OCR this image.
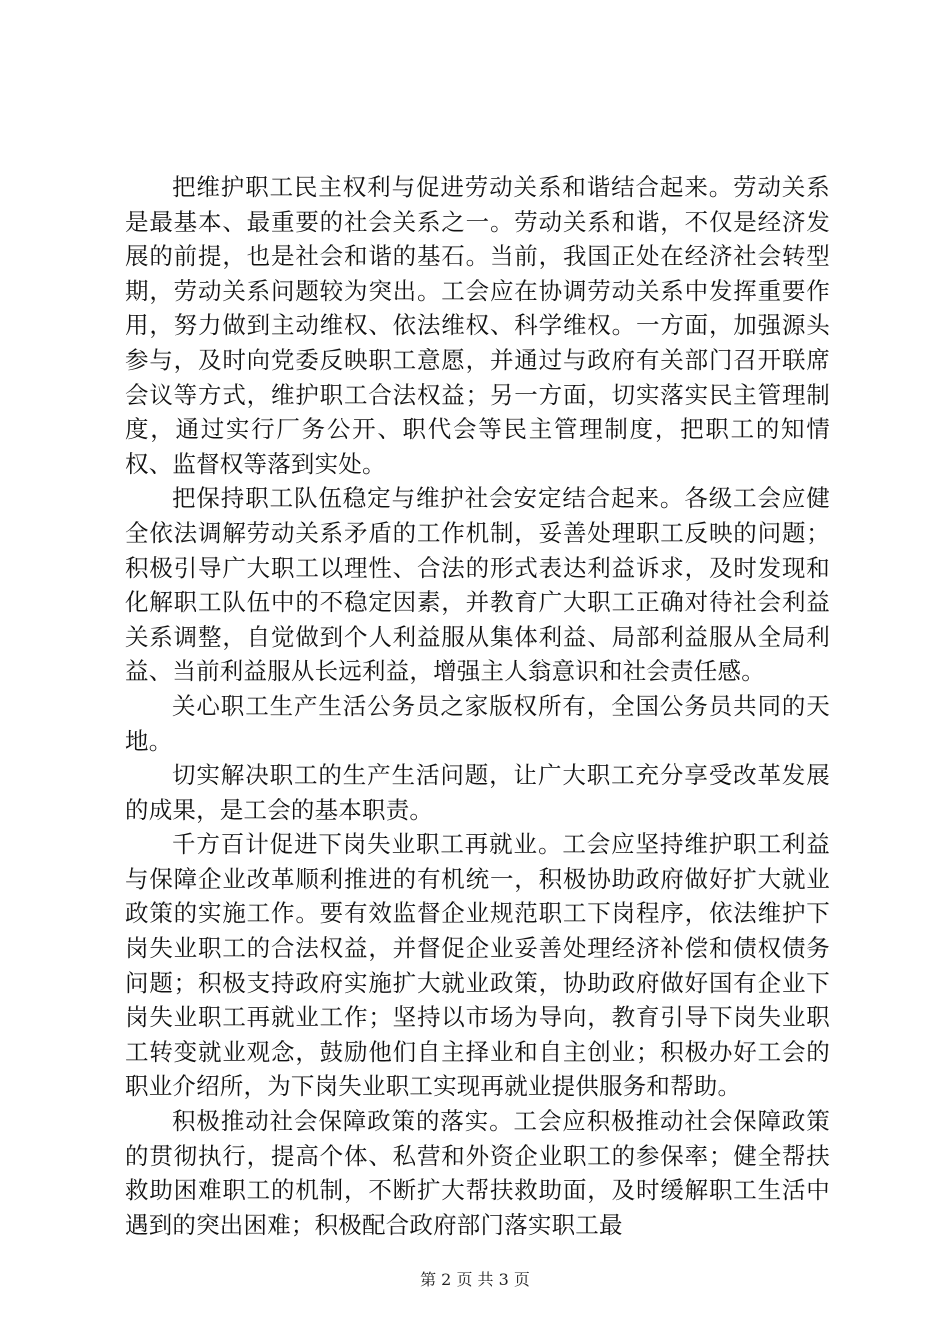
把维护职工民主权利与促进劳动关系和谐结合起来。劳动关系是最基本、最重要的社会关系之一。劳动关系和谐，不仅是经济发展的前提，也是社会和谐的基石。当前，我国正处在经济社会转型期，劳动关系问题较为突出。工会应在协调劳动关系中发挥重要作用，努力做到主动维权、依法维权、科学维权。一方面，加强源头参与，及时向党委反映职工意愿，并通过与政府有关部门召开联席会议等方式，维护职工合法权益；另一方面，切实落实民主管理制度，通过实行厂务公开、职代会等民主管理制度，把职工的知情权、监督权等落到实处。

把保持职工队伍稳定与维护社会安定结合起来。各级工会应健全依法调解劳动关系矛盾的工作机制，妥善处理职工反映的问题；积极引导广大职工以理性、合法的形式表达利益诉求，及时发现和化解职工队伍中的不稳定因素，并教育广大职工正确对待社会利益关系调整，自觉做到个人利益服从集体利益、局部利益服从全局利益、当前利益服从长远利益，增强主人翁意识和社会责任感。

关心职工生产生活公务员之家版权所有，全国公务员共同的天地。

切实解决职工的生产生活问题，让广大职工充分享受改革发展的成果，是工会的基本职责。

千方百计促进下岗失业职工再就业。工会应坚持维护职工利益与保障企业改革顺利推进的有机统一，积极协助政府做好扩大就业政策的实施工作。要有效监督企业规范职工下岗程序，依法维护下岗失业职工的合法权益，并督促企业妥善处理经济补偿和债权债务问题；积极支持政府实施扩大就业政策，协助政府做好国有企业下岗失业职工再就业工作；坚持以市场为导向，教育引导下岗失业职工转变就业观念，鼓励他们自主择业和自主创业；积极办好工会的职业介绍所，为下岗失业职工实现再就业提供服务和帮助。

积极推动社会保障政策的落实。工会应积极推动社会保障政策的贯彻执行，提高个体、私营和外资企业职工的参保率；健全帮扶救助困难职工的机制，不断扩大帮扶救助面，及时缓解职工生活中遇到的突出困难；积极配合政府部门落实职工最

第 2 页 共 3 页
